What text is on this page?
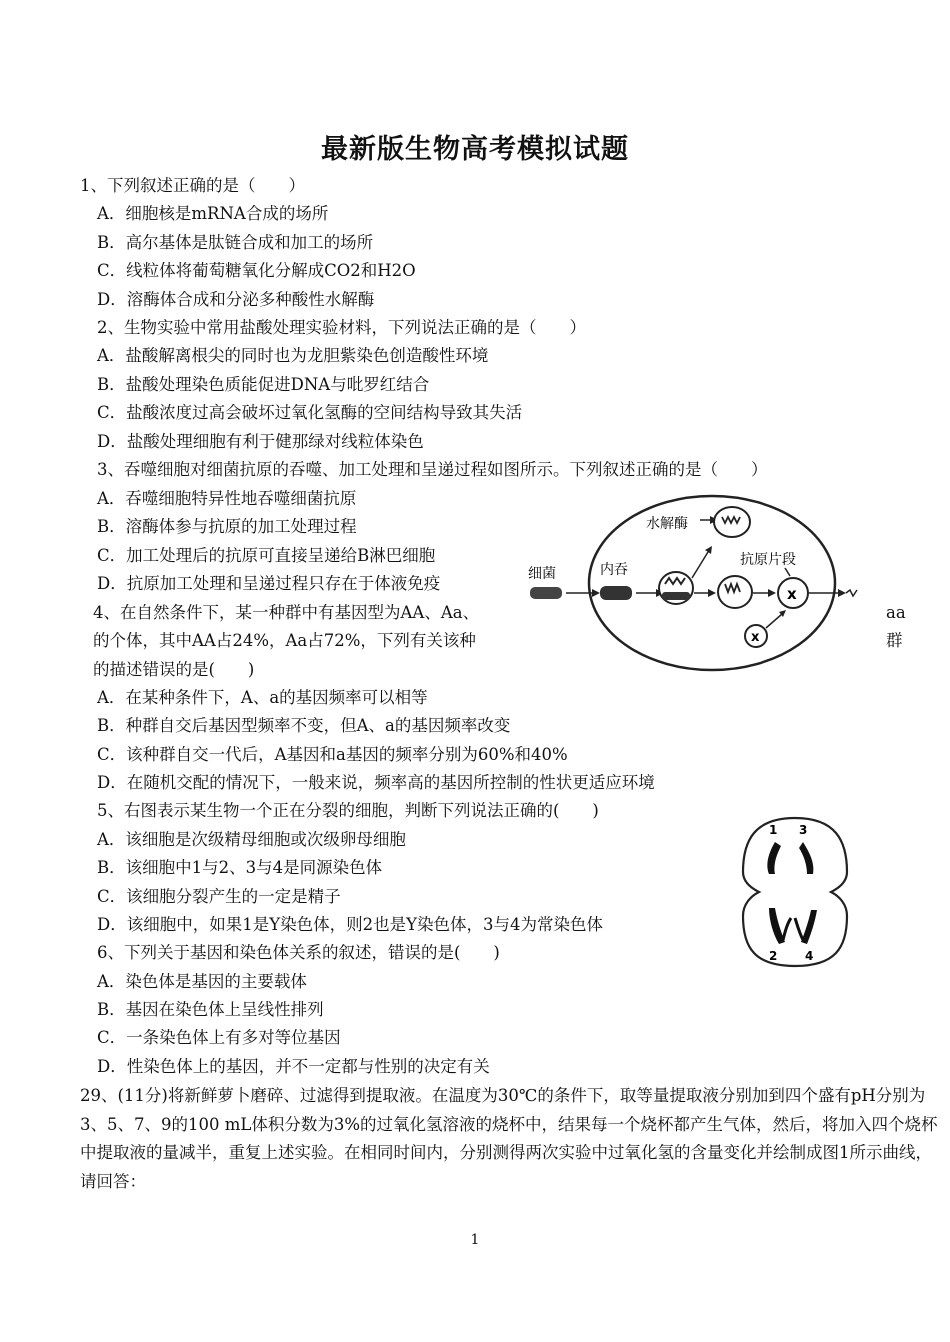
最新版生物高考模拟试题
1、下列叙述正确的是（　　）
A．细胞核是mRNA合成的场所
B．高尔基体是肽链合成和加工的场所
C．线粒体将葡萄糖氧化分解成CO2和H2O
D．溶酶体合成和分泌多种酸性水解酶
2、生物实验中常用盐酸处理实验材料，下列说法正确的是（　　）
A．盐酸解离根尖的同时也为龙胆紫染色创造酸性环境
B．盐酸处理染色质能促进DNA与吡罗红结合
C．盐酸浓度过高会破坏过氧化氢酶的空间结构导致其失活
D．盐酸处理细胞有利于健那绿对线粒体染色
3、吞噬细胞对细菌抗原的吞噬、加工处理和呈递过程如图所示。下列叙述正确的是（　　）
A．吞噬细胞特异性地吞噬细菌抗原
B．溶酶体参与抗原的加工处理过程
C．加工处理后的抗原可直接呈递给B淋巴细胞
D．抗原加工处理和呈递过程只存在于体液免疫	细菌	内吞
水解酶
抗原片段
x
x
4、在自然条件下，某一种群中有基因型为AA、Aa、	aa
的个体，其中AA占24%，Aa占72%，下列有关该种	群
的描述错误的是(　　)
A．在某种条件下，A、a的基因频率可以相等
B．种群自交后基因型频率不变，但A、a的基因频率改变
C．该种群自交一代后，A基因和a基因的频率分别为60%和40%
D．在随机交配的情况下，一般来说，频率高的基因所控制的性状更适应环境
5、右图表示某生物一个正在分裂的细胞，判断下列说法正确的(　　)
A．该细胞是次级精母细胞或次级卵母细胞
B．该细胞中1与2、3与4是同源染色体
C．该细胞分裂产生的一定是精子
D．该细胞中，如果1是Y染色体，则2也是Y染色体，3与4为常染色体
1 3
2 4
6、下列关于基因和染色体关系的叙述，错误的是(　　)
A．染色体是基因的主要载体
B．基因在染色体上呈线性排列
C．一条染色体上有多对等位基因
D．性染色体上的基因，并不一定都与性别的决定有关
29、(11分)将新鲜萝卜磨碎、过滤得到提取液。在温度为30℃的条件下，取等量提取液分别加到四个盛有pH分别为3、5、7、9的100 mL体积分数为3%的过氧化氢溶液的烧杯中，结果每一个烧杯都产生气体，然后，将加入四个烧杯中提取液的量减半，重复上述实验。在相同时间内，分别测得两次实验中过氧化氢的含量变化并绘制成图1所示曲线，请回答：
1
